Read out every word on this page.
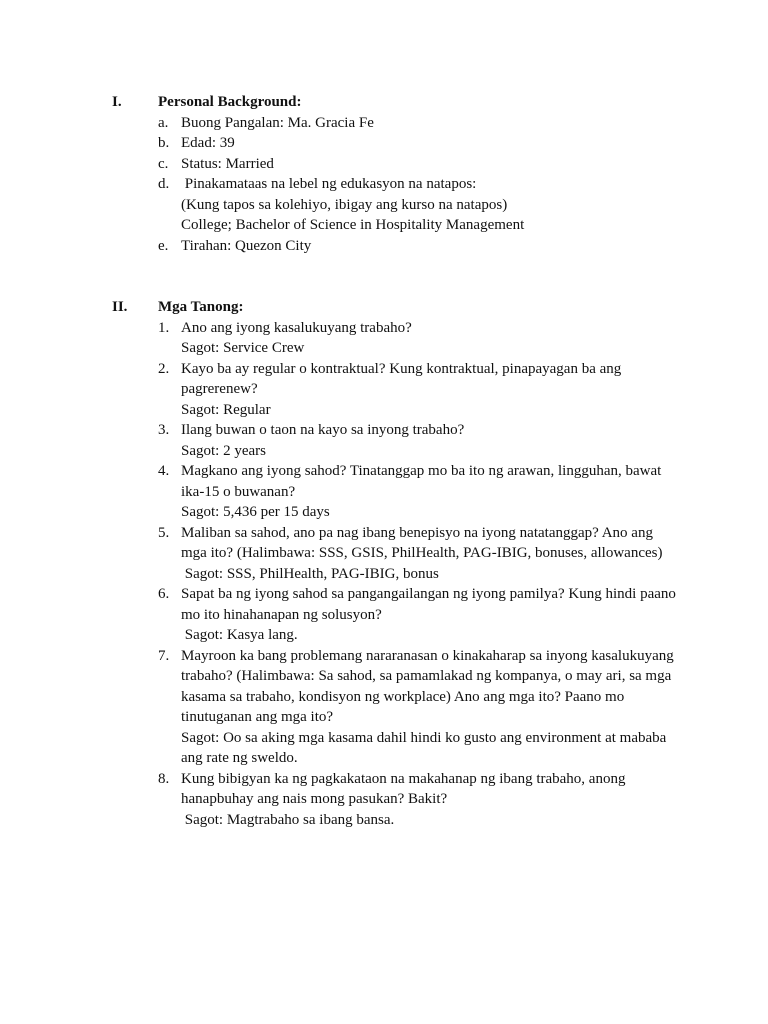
I. Personal Background:
a. Buong Pangalan: Ma. Gracia Fe
b. Edad: 39
c. Status: Married
d. Pinakamataas na lebel ng edukasyon na natapos:
(Kung tapos sa kolehiyo, ibigay ang kurso na natapos)
College; Bachelor of Science in Hospitality Management
e. Tirahan: Quezon City
II. Mga Tanong:
1. Ano ang iyong kasalukuyang trabaho?
Sagot: Service Crew
2. Kayo ba ay regular o kontraktual? Kung kontraktual, pinapayagan ba ang
pagrerenew?
Sagot: Regular
3. Ilang buwan o taon na kayo sa inyong trabaho?
Sagot: 2 years
4. Magkano ang iyong sahod? Tinatanggap mo ba ito ng arawan, lingguhan, bawat
ika-15 o buwanan?
Sagot: 5,436 per 15 days
5. Maliban sa sahod, ano pa nag ibang benepisyo na iyong natatanggap? Ano ang
mga ito? (Halimbawa: SSS, GSIS, PhilHealth, PAG-IBIG, bonuses, allowances)
Sagot: SSS, PhilHealth, PAG-IBIG, bonus
6. Sapat ba ng iyong sahod sa pangangailangan ng iyong pamilya? Kung hindi paano
mo ito hinahanapan ng solusyon?
Sagot: Kasya lang.
7. Mayroon ka bang problemang nararanasan o kinakaharap sa inyong kasalukuyang
trabaho? (Halimbawa: Sa sahod, sa pamamlakad ng kompanya, o may ari, sa mga
kasama sa trabaho, kondisyon ng workplace) Ano ang mga ito? Paano mo
tinutuganan ang mga ito?
Sagot: Oo sa aking mga kasama dahil hindi ko gusto ang environment at mababa
ang rate ng sweldo.
8. Kung bibigyan ka ng pagkakataon na makahanap ng ibang trabaho, anong
hanapbuhay ang nais mong pasukan? Bakit?
Sagot: Magtrabaho sa ibang bansa.
